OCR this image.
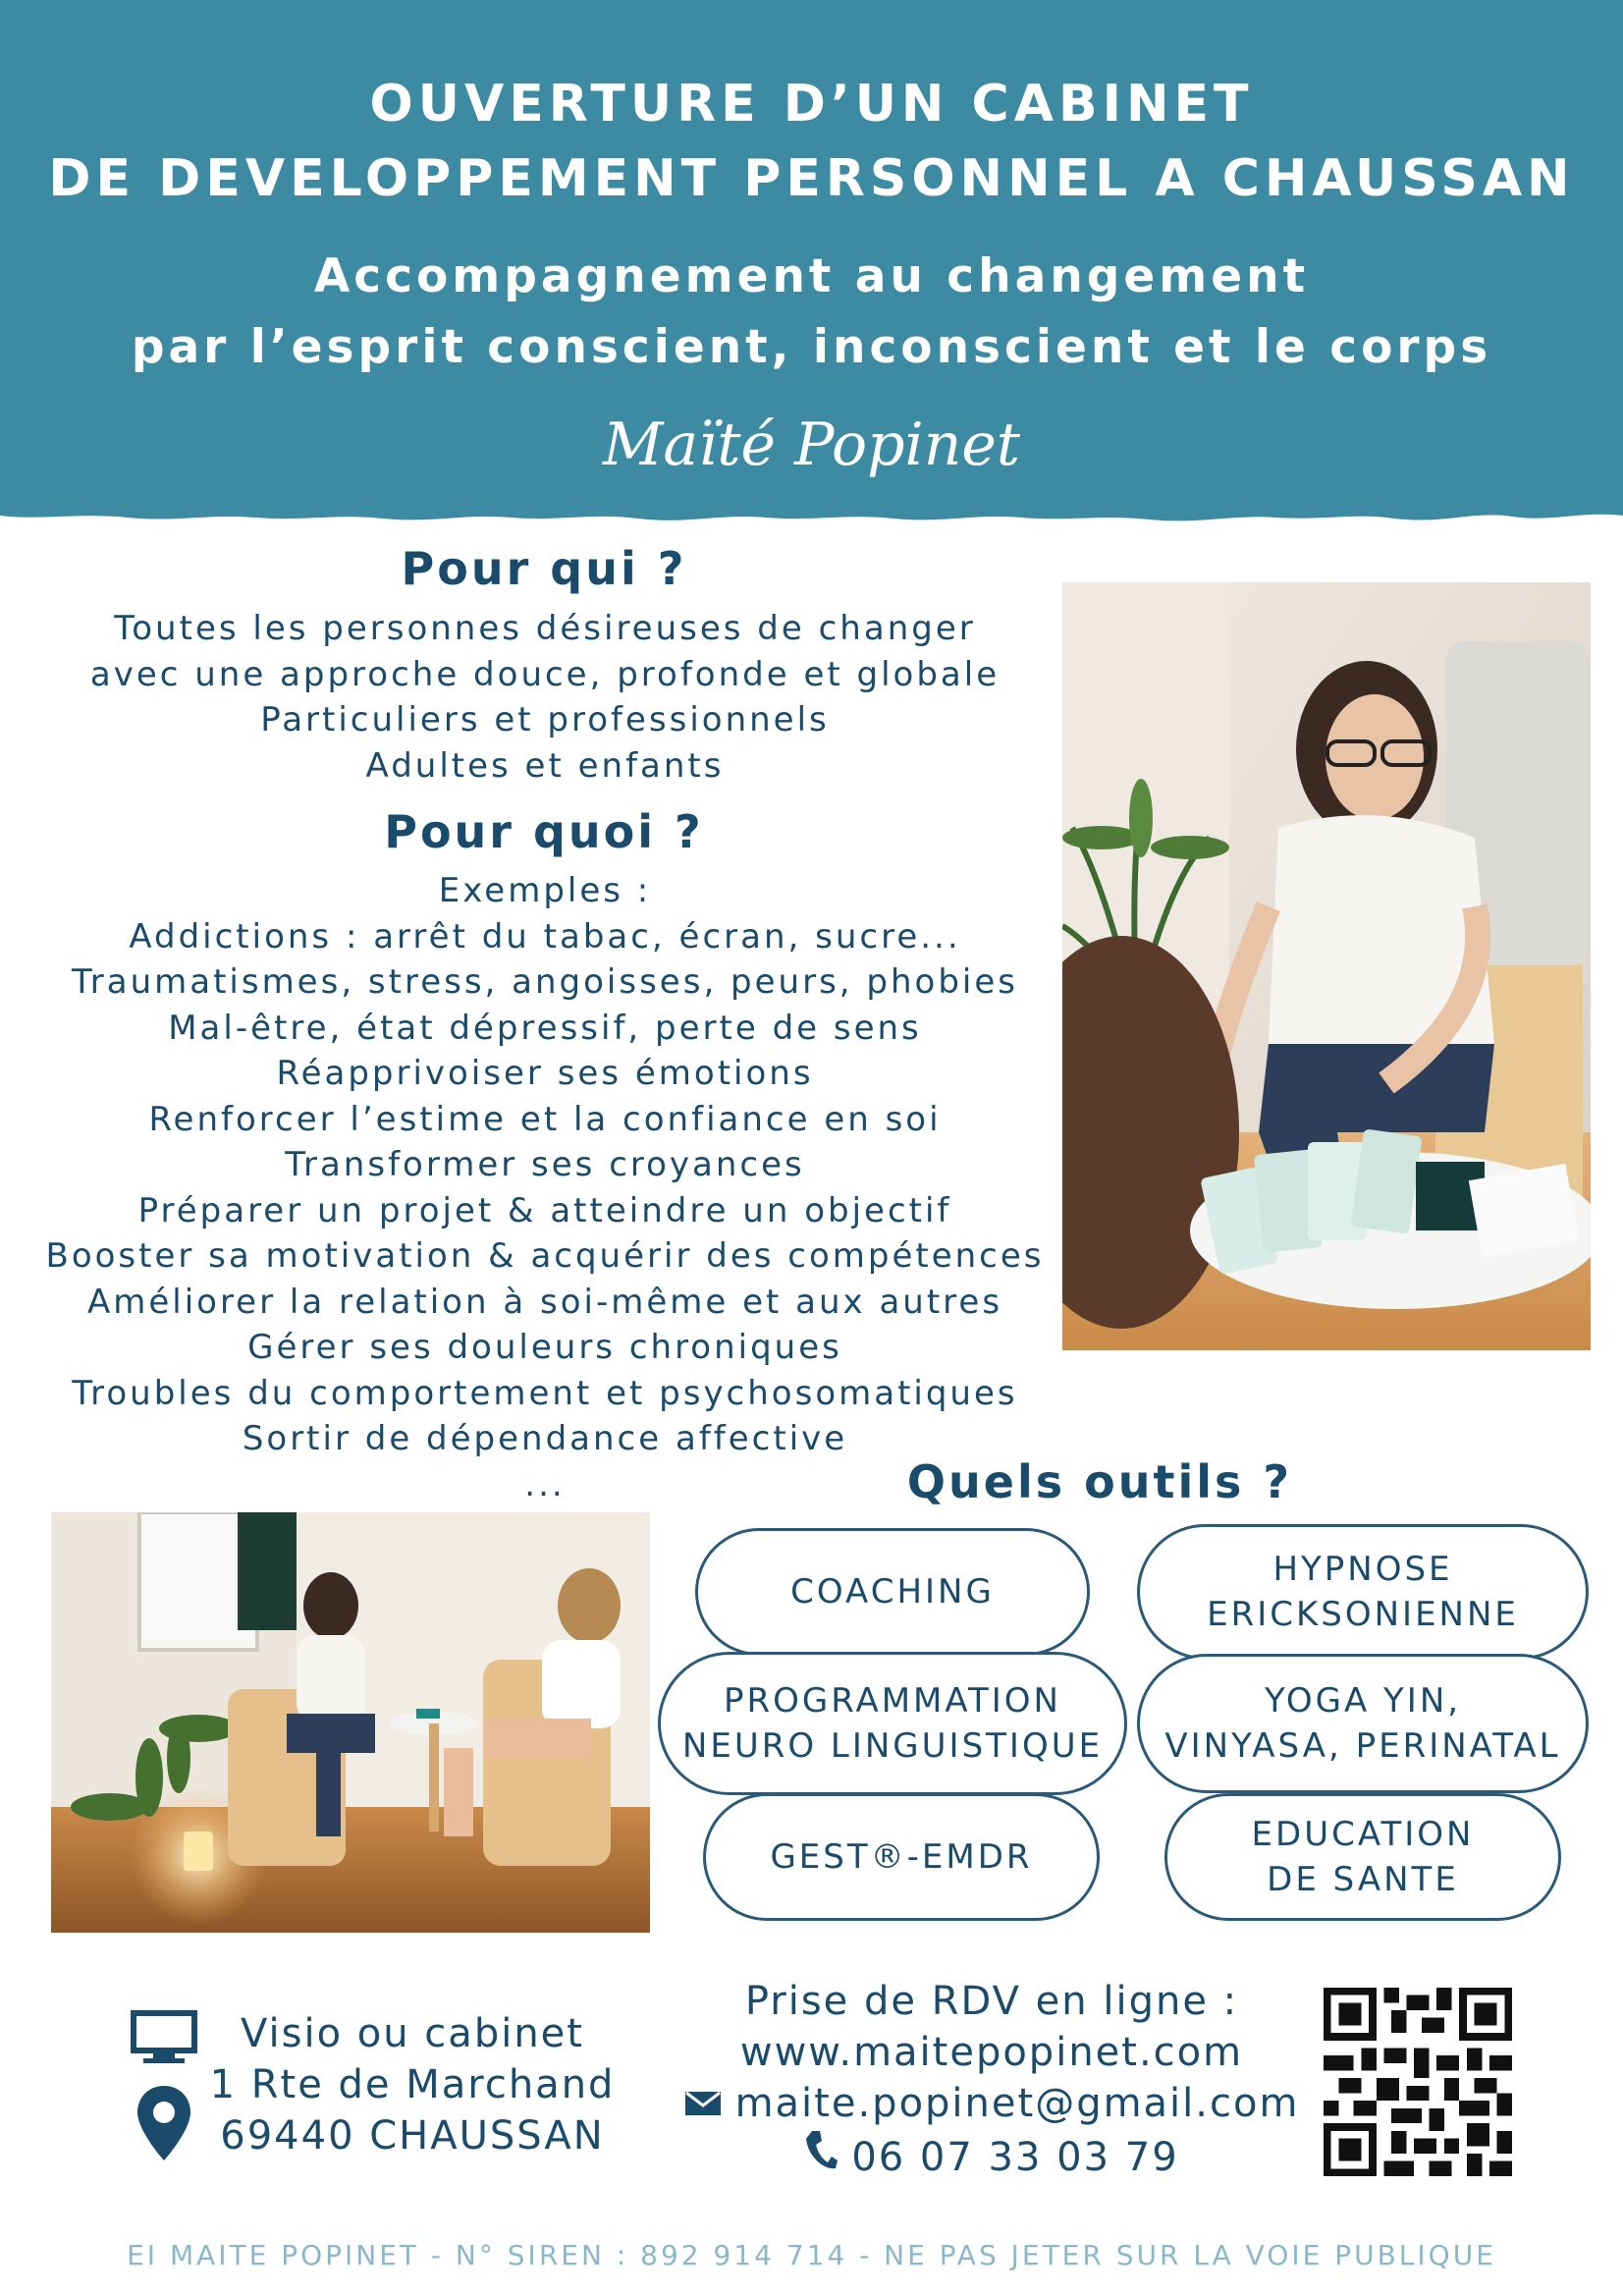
OUVERTURE D’UN CABINET
DE DEVELOPPEMENT PERSONNEL A CHAUSSAN
Accompagnement au changement
par l’esprit conscient, inconscient et le corps
Maïté Popinet
Pour qui ?
Toutes les personnes désireuses de changer
avec une approche douce, profonde et globale
Particuliers et professionnels
Adultes et enfants
Pour quoi ?
Exemples :
Addictions : arrêt du tabac, écran, sucre...
Traumatismes, stress, angoisses, peurs, phobies
Mal-être, état dépressif, perte de sens
Réapprivoiser ses émotions
Renforcer l’estime et la confiance en soi
Transformer ses croyances
Préparer un projet & atteindre un objectif
Booster sa motivation & acquérir des compétences
Améliorer la relation à soi-même et aux autres
Gérer ses douleurs chroniques
Troubles du comportement et psychosomatiques
Sortir de dépendance affective
...	Quels outils ?
COACHING
HYPNOSE
ERICKSONIENNE
PROGRAMMATION
NEURO LINGUISTIQUE
YOGA YIN,
VINYASA, PERINATAL
GEST®-EMDR
EDUCATION
DE SANTE
Visio ou cabinet
1 Rte de Marchand
69440 CHAUSSAN
Prise de RDV en ligne :
www.maitepopinet.com
maite.popinet@gmail.com
06 07 33 03 79
EI MAITE POPINET - N° SIREN : 892 914 714 - NE PAS JETER SUR LA VOIE PUBLIQUE
